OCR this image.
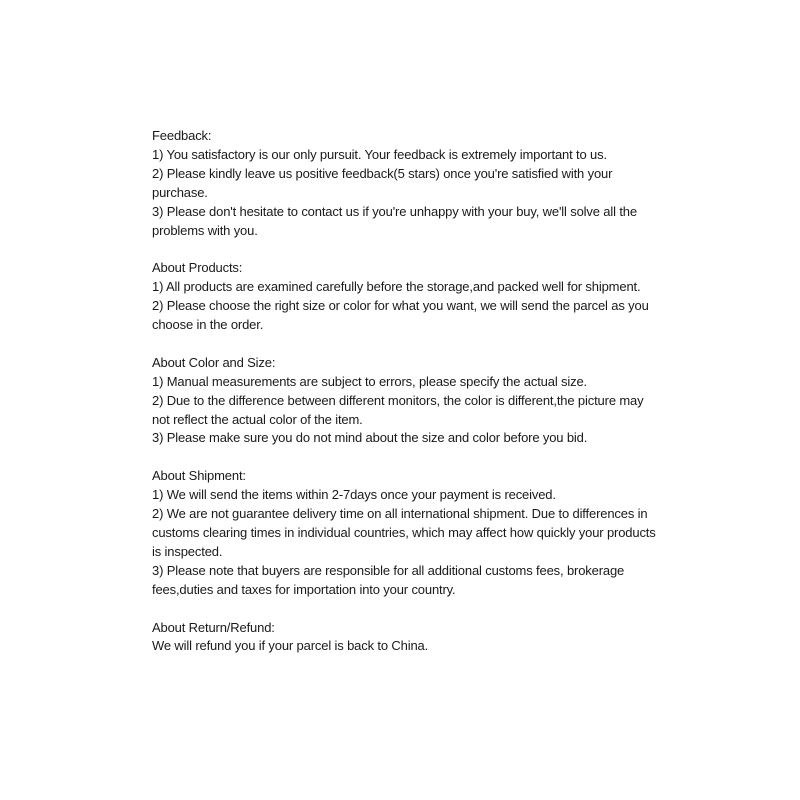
Feedback:
1) You satisfactory is our only pursuit. Your feedback is extremely important to us.
2) Please kindly leave us positive feedback(5 stars) once you're satisfied with your
purchase.
3) Please don't hesitate to contact us if you're unhappy with your buy, we'll solve all the
problems with you.
About Products:
1) All products are examined carefully before the storage,and packed well for shipment.
2) Please choose the right size or color for what you want, we will send the parcel as you
choose in the order.
About Color and Size:
1) Manual measurements are subject to errors, please specify the actual size.
2) Due to the difference between different monitors, the color is different,the picture may
not reflect the actual color of the item.
3) Please make sure you do not mind about the size and color before you bid.
About Shipment:
1) We will send the items within 2-7days once your payment is received.
2) We are not guarantee delivery time on all international shipment. Due to differences in
customs clearing times in individual countries, which may affect how quickly your products
is inspected.
3) Please note that buyers are responsible for all additional customs fees, brokerage
fees,duties and taxes for importation into your country.
About Return/Refund:
We will refund you if your parcel is back to China.
